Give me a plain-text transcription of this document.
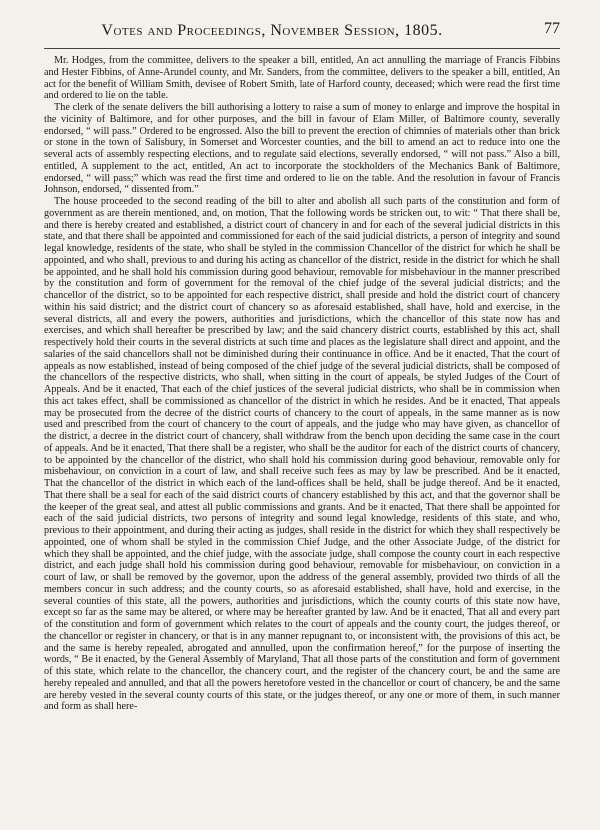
Votes and Proceedings, November Session, 1805.	77

Mr. Hodges, from the committee, delivers to the speaker a bill, entitled, An act annulling the marriage of Francis Fibbins and Hester Fibbins, of Anne-Arundel county, and Mr. Sanders, from the committee, delivers to the speaker a bill, entitled, An act for the benefit of William Smith, devisee of Robert Smith, late of Harford county, deceased; which were read the first time and ordered to lie on the table.

The clerk of the senate delivers the bill authorising a lottery to raise a sum of money to enlarge and improve the hospital in the vicinity of Baltimore, and for other purposes, and the bill in favour of Elam Miller, of Baltimore county, severally endorsed, “ will pass.” Ordered to be engrossed. Also the bill to prevent the erection of chimnies of materials other than brick or stone in the town of Salisbury, in Somerset and Worcester counties, and the bill to amend an act to reduce into one the several acts of assembly respecting elections, and to regulate said elections, severally endorsed, “ will not pass.” Also a bill, entitled, A supplement to the act, entitled, An act to incorporate the stockholders of the Mechanics Bank of Baltimore, endorsed, “ will pass;” which was read the first time and ordered to lie on the table. And the resolution in favour of Francis Johnson, endorsed, “ dissented from.”

The house proceeded to the second reading of the bill to alter and abolish all such parts of the constitution and form of government as are therein mentioned, and, on motion, That the following words be stricken out, to wit: “ That there shall be, and there is hereby created and established, a district court of chancery in and for each of the several judicial districts in this state, and that there shall be appointed and commissioned for each of the said judicial districts, a person of integrity and sound legal knowledge, residents of the state, who shall be styled in the commission Chancellor of the district for which he shall be appointed, and who shall, previous to and during his acting as chancellor of the district, reside in the district for which he shall be appointed, and he shall hold his commission during good behaviour, removable for misbehaviour in the manner prescribed by the constitution and form of government for the removal of the chief judge of the several judicial districts; and the chancellor of the district, so to be appointed for each respective district, shall preside and hold the district court of chancery within his said district; and the district court of chancery so as aforesaid established, shall have, hold and exercise, in the several districts, all and every the powers, authorities and jurisdictions, which the chancellor of this state now has and exercises, and which shall hereafter be prescribed by law; and the said chancery district courts, established by this act, shall respectively hold their courts in the several districts at such time and places as the legislature shall direct and appoint, and the salaries of the said chancellors shall not be diminished during their continuance in office. And be it enacted, That the court of appeals as now established, instead of being composed of the chief judge of the several judicial districts, shall be composed of the chancellors of the respective districts, who shall, when sitting in the court of appeals, be styled Judges of the Court of Appeals. And be it enacted, That each of the chief justices of the several judicial districts, who shall be in commission when this act takes effect, shall be commissioned as chancellor of the district in which he resides. And be it enacted, That appeals may be prosecuted from the decree of the district courts of chancery to the court of appeals, in the same manner as is now used and prescribed from the court of chancery to the court of appeals, and the judge who may have given, as chancellor of the district, a decree in the district court of chancery, shall withdraw from the bench upon deciding the same case in the court of appeals. And be it enacted, That there shall be a register, who shall be the auditor for each of the district courts of chancery, to be appointed by the chancellor of the district, who shall hold his commission during good behaviour, removable only for misbehaviour, on conviction in a court of law, and shall receive such fees as may by law be prescribed. And be it enacted, That the chancellor of the district in which each of the land-offices shall be held, shall be judge thereof. And be it enacted, That there shall be a seal for each of the said district courts of chancery established by this act, and that the governor shall be the keeper of the great seal, and attest all public commissions and grants. And be it enacted, That there shall be appointed for each of the said judicial districts, two persons of integrity and sound legal knowledge, residents of this state, and who, previous to their appointment, and during their acting as judges, shall reside in the district for which they shall respectively be appointed, one of whom shall be styled in the commission Chief Judge, and the other Associate Judge, of the district for which they shall be appointed, and the chief judge, with the associate judge, shall compose the county court in each respective district, and each judge shall hold his commission during good behaviour, removable for misbehaviour, on conviction in a court of law, or shall be removed by the governor, upon the address of the general assembly, provided two thirds of all the members concur in such address; and the county courts, so as aforesaid established, shall have, hold and exercise, in the several counties of this state, all the powers, authorities and jurisdictions, which the county courts of this state now have, except so far as the same may be altered, or where may be hereafter granted by law. And be it enacted, That all and every part of the constitution and form of government which relates to the court of appeals and the county court, the judges thereof, or the chancellor or register in chancery, or that is in any manner repugnant to, or inconsistent with, the provisions of this act, be and the same is hereby repealed, abrogated and annulled, upon the confirmation hereof,” for the purpose of inserting the words, “ Be it enacted, by the General Assembly of Maryland, That all those parts of the constitution and form of government of this state, which relate to the chancellor, the chancery court, and the register of the chancery court, be and the same are hereby repealed and annulled, and that all the powers heretofore vested in the chancellor or court of chancery, be and the same are hereby vested in the several county courts of this state, or the judges thereof, or any one or more of them, in such manner and form as shall here-
